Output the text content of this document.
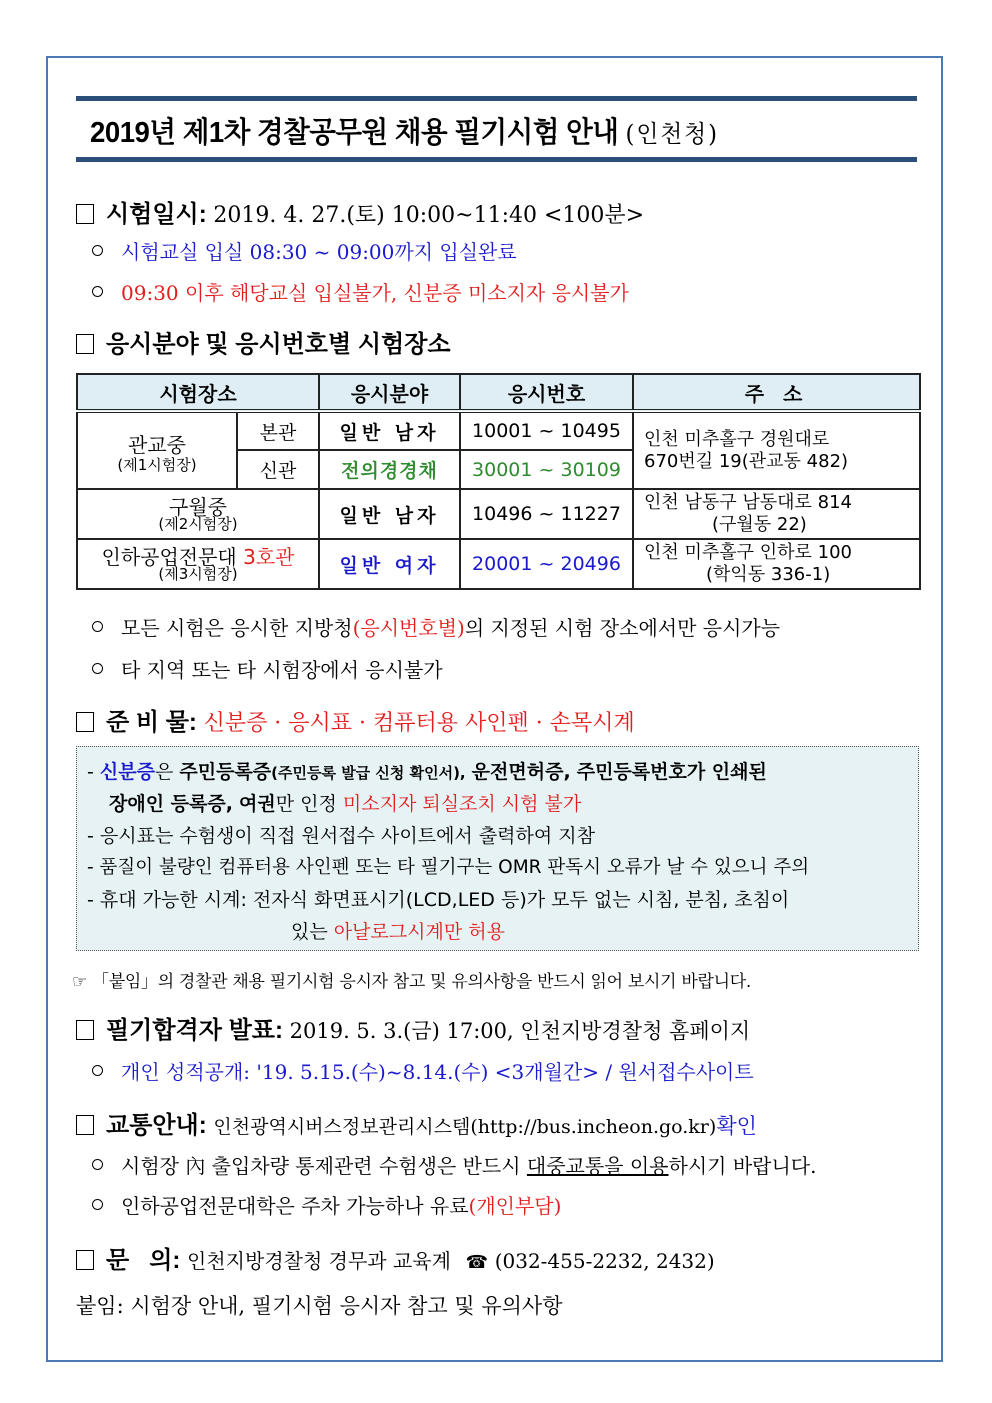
2019년 제1차 경찰공무원 채용 필기시험 안내 (인천청)
시험일시: 2019. 4. 27.(토) 10:00~11:40 <100분>
시험교실 입실 08:30 ~ 09:00까지 입실완료
09:30 이후 해당교실 입실불가, 신분증 미소지자 응시불가
응시분야 및 응시번호별 시험장소
시험장소		응시분야	응시번호	주 소

관교중
(제1시험장)	본관	일반 남자	10001 ~ 10495	인천 미추홀구 경원대로
670번길 19(관교동 482)

	신관	전의경경채	30001 ~ 30109	

구월중
(제2시험장)		일반 남자	10496 ~ 11227	인천 남동구 남동대로 814
(구월동 22)

인하공업전문대 3호관
(제3시험장)		일반 여자	20001 ~ 20496	인천 미추홀구 인하로 100
(학익동 336-1)
모든 시험은 응시한 지방청(응시번호별)의 지정된 시험 장소에서만 응시가능
타 지역 또는 타 시험장에서 응시불가
준 비 물: 신분증 · 응시표 · 컴퓨터용 사인펜 · 손목시계
- 신분증은 주민등록증(주민등록 발급 신청 확인서), 운전면허증, 주민등록번호가 인쇄된
장애인 등록증, 여권만 인정 미소지자 퇴실조치 시험 불가
- 응시표는 수험생이 직접 원서접수 사이트에서 출력하여 지참
- 품질이 불량인 컴퓨터용 사인펜 또는 타 필기구는 OMR 판독시 오류가 날 수 있으니 주의
- 휴대 가능한 시계: 전자식 화면표시기(LCD,LED 등)가 모두 없는 시침, 분침, 초침이
있는 아날로그시계만 허용
☞ 「붙임」의 경찰관 채용 필기시험 응시자 참고 및 유의사항을 반드시 읽어 보시기 바랍니다.
필기합격자 발표: 2019. 5. 3.(금) 17:00, 인천지방경찰청 홈페이지
개인 성적공개: '19. 5.15.(수)~8.14.(수) <3개월간> / 원서접수사이트
교통안내: 인천광역시버스정보관리시스템(http://bus.incheon.go.kr)확인
시험장 內 출입차량 통제관련 수험생은 반드시 대중교통을 이용하시기 바랍니다.
인하공업전문대학은 주차 가능하나 유료(개인부담)
문   의: 인천지방경찰청 경무과 교육계 ☎ (032-455-2232, 2432)
붙임: 시험장 안내, 필기시험 응시자 참고 및 유의사항
